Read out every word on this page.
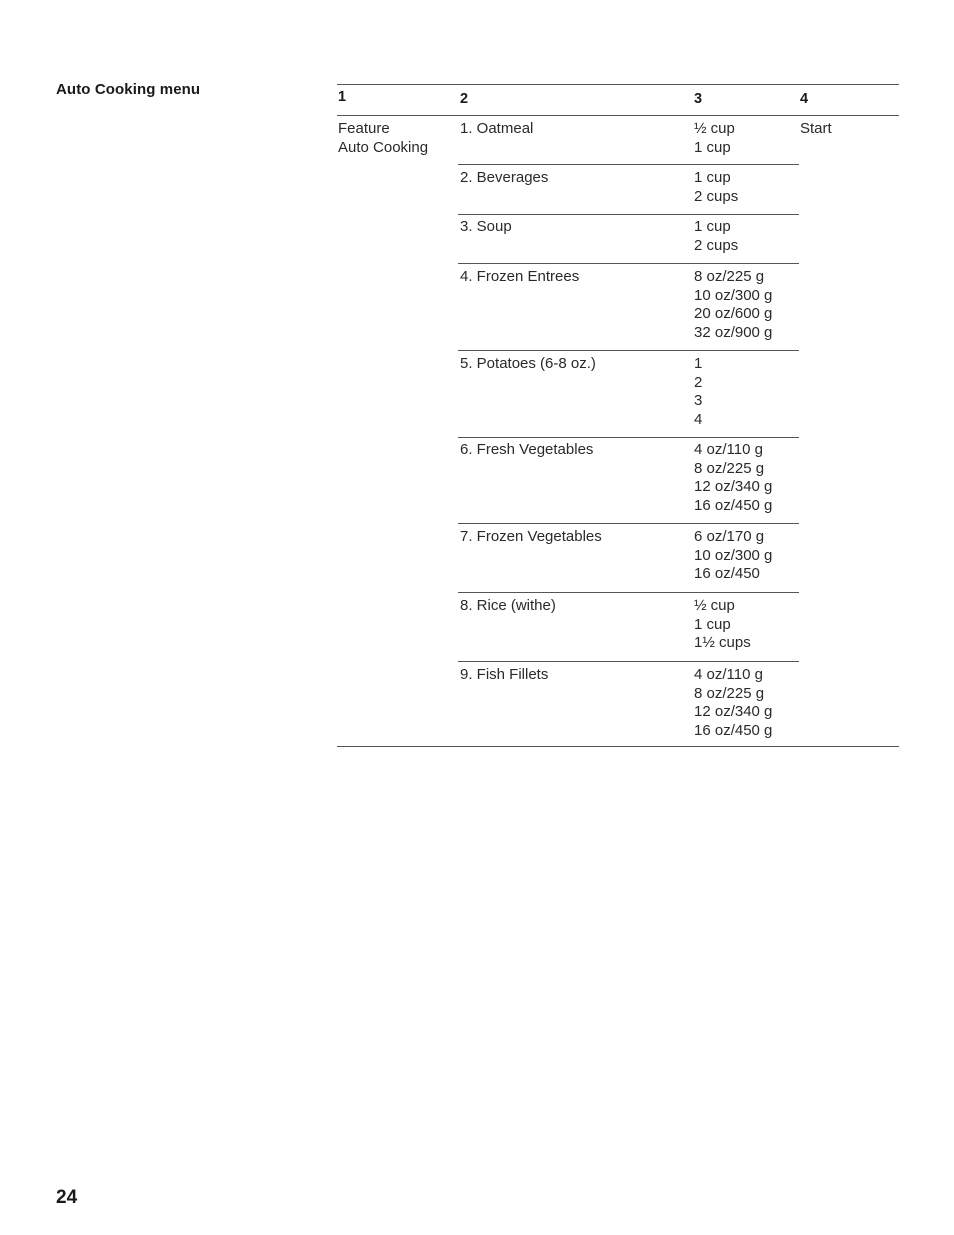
Auto Cooking menu	1	2	3	4
Feature
Auto Cooking
Start
1. Oatmeal	½ cup
1 cup
2. Beverages	1 cup
2 cups
3. Soup	1 cup
2 cups
4. Frozen Entrees	8 oz/225 g
10 oz/300 g
20 oz/600 g
32 oz/900 g
5. Potatoes (6-8 oz.)	1
2
3
4
6. Fresh Vegetables	4 oz/110 g
8 oz/225 g
12 oz/340 g
16 oz/450 g
7. Frozen Vegetables	6 oz/170 g
10 oz/300 g
16 oz/450
8. Rice (withe)	½ cup
1 cup
1½ cups
9. Fish Fillets	4 oz/110 g
8 oz/225 g
12 oz/340 g
16 oz/450 g
24
